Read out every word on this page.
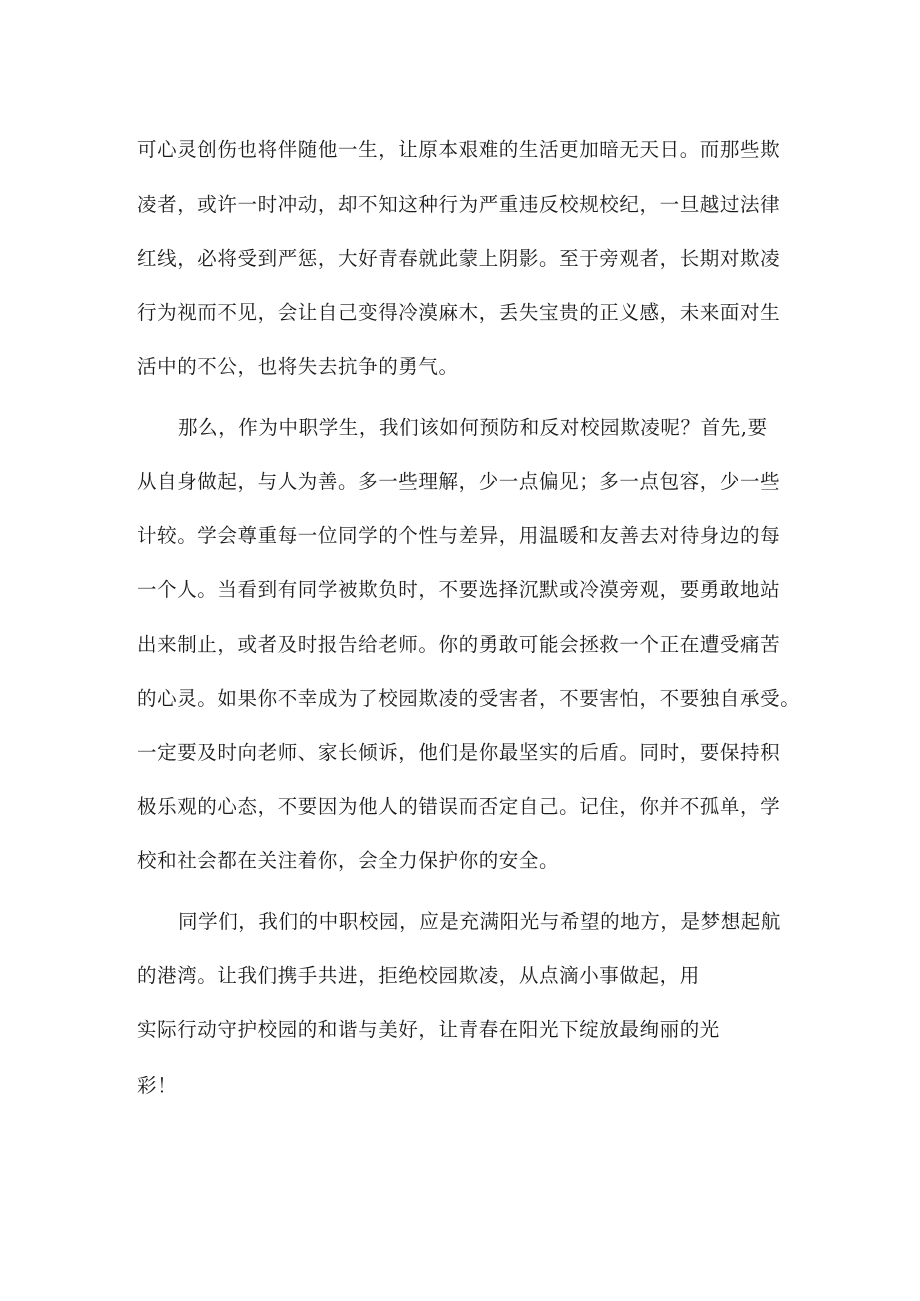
可心灵创伤也将伴随他一生，让原本艰难的生活更加暗无天日。而那些欺
凌者，或许一时冲动，却不知这种行为严重违反校规校纪，一旦越过法律
红线，必将受到严惩，大好青春就此蒙上阴影。至于旁观者，长期对欺凌
行为视而不见，会让自己变得冷漠麻木，丢失宝贵的正义感，未来面对生
活中的不公，也将失去抗争的勇气。
那么，作为中职学生，我们该如何预防和反对校园欺凌呢？首先,要
从自身做起，与人为善。多一些理解，少一点偏见；多一点包容，少一些
计较。学会尊重每一位同学的个性与差异，用温暖和友善去对待身边的每
一个人。当看到有同学被欺负时，不要选择沉默或冷漠旁观，要勇敢地站
出来制止，或者及时报告给老师。你的勇敢可能会拯救一个正在遭受痛苦
的心灵。如果你不幸成为了校园欺凌的受害者，不要害怕，不要独自承受。
一定要及时向老师、家长倾诉，他们是你最坚实的后盾。同时，要保持积
极乐观的心态，不要因为他人的错误而否定自己。记住，你并不孤单，学
校和社会都在关注着你，会全力保护你的安全。
同学们，我们的中职校园，应是充满阳光与希望的地方，是梦想起航
的港湾。让我们携手共进，拒绝校园欺凌，从点滴小事做起，用
实际行动守护校园的和谐与美好，让青春在阳光下绽放最绚丽的光
彩！
